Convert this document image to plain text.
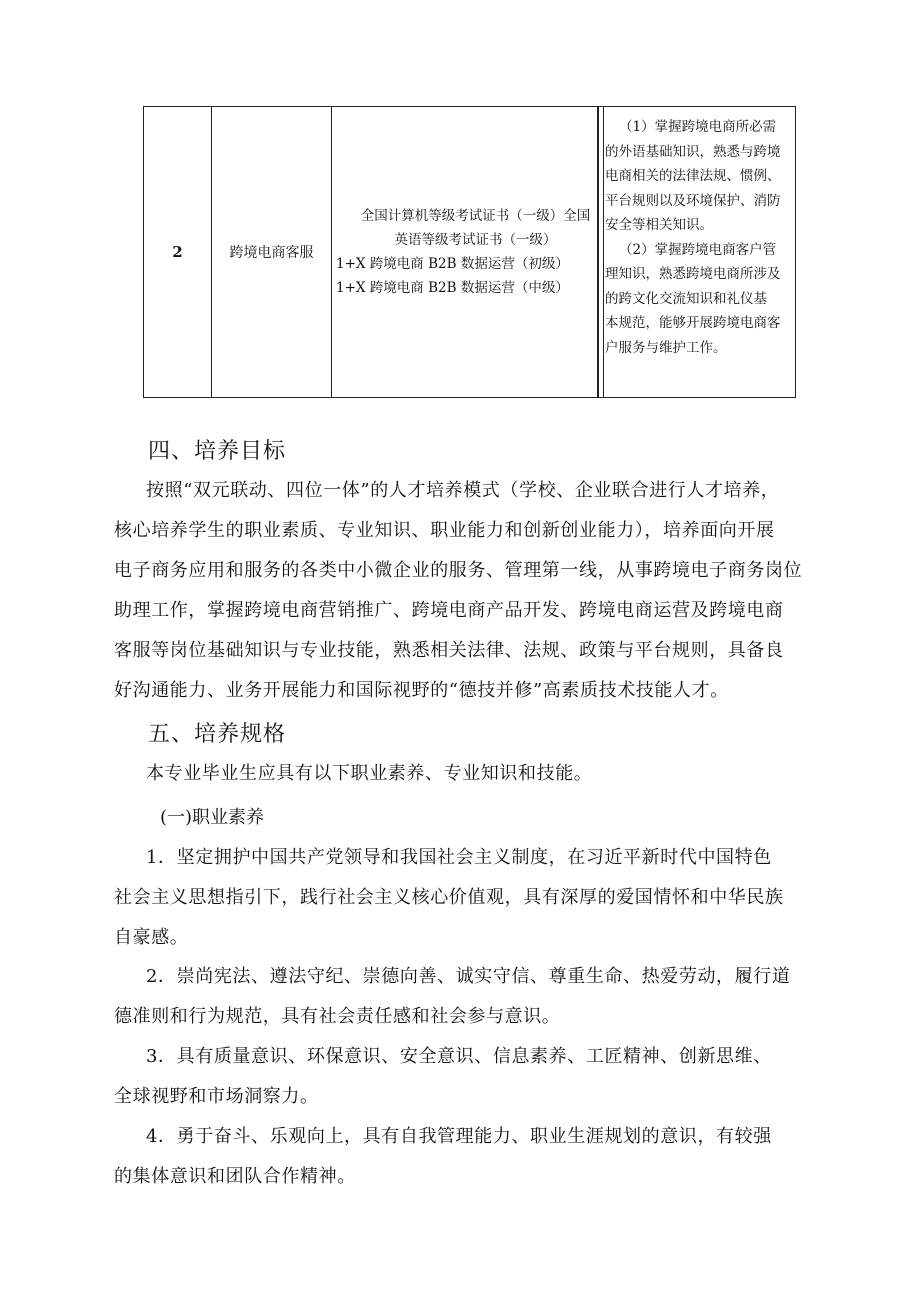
2	跨境电商客服
全国计算机等级考试证书（一级）全国
英语等级考试证书（一级）
1+X 跨境电商 B2B 数据运营（初级）
1+X 跨境电商 B2B 数据运营（中级）

（1）掌握跨境电商所必需

的外语基础知识，熟悉与跨境

电商相关的法律法规、惯例、

平台规则以及环境保护、消防

安全等相关知识。

（2）掌握跨境电商客户管

理知识，熟悉跨境电商所涉及

的跨文化交流知识和礼仪基

本规范，能够开展跨境电商客

户服务与维护工作。

四、培养目标

按照“双元联动、四位一体”的人才培养模式（学校、企业联合进行人才培养，

核心培养学生的职业素质、专业知识、职业能力和创新创业能力），培养面向开展

电子商务应用和服务的各类中小微企业的服务、管理第一线，从事跨境电子商务岗位

助理工作，掌握跨境电商营销推广、跨境电商产品开发、跨境电商运营及跨境电商

客服等岗位基础知识与专业技能，熟悉相关法律、法规、政策与平台规则，具备良

好沟通能力、业务开展能力和国际视野的“德技并修”高素质技术技能人才。

五、培养规格

本专业毕业生应具有以下职业素养、专业知识和技能。

(一)职业素养

1．坚定拥护中国共产党领导和我国社会主义制度，在习近平新时代中国特色

社会主义思想指引下，践行社会主义核心价值观，具有深厚的爱国情怀和中华民族

自豪感。

2．崇尚宪法、遵法守纪、崇德向善、诚实守信、尊重生命、热爱劳动，履行道

德准则和行为规范，具有社会责任感和社会参与意识。

3．具有质量意识、环保意识、安全意识、信息素养、工匠精神、创新思维、

全球视野和市场洞察力。

4．勇于奋斗、乐观向上，具有自我管理能力、职业生涯规划的意识，有较强

的集体意识和团队合作精神。
